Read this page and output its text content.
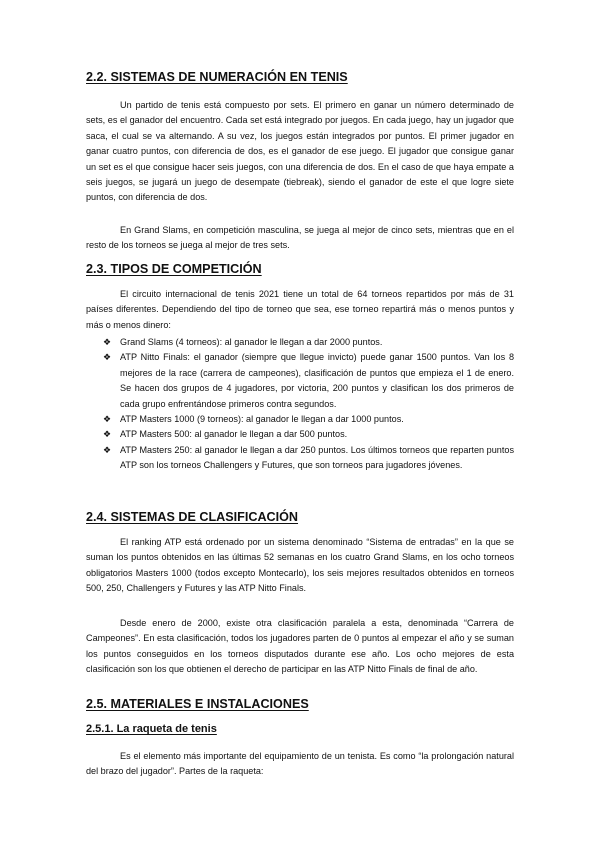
2.2. SISTEMAS DE NUMERACIÓN EN TENIS

Un partido de tenis está compuesto por sets. El primero en ganar un número determinado de sets, es el ganador del encuentro. Cada set está integrado por juegos. En cada juego, hay un jugador que saca, el cual se va alternando. A su vez, los juegos están integrados por puntos. El primer jugador en ganar cuatro puntos, con diferencia de dos, es el ganador de ese juego. El jugador que consigue ganar un set es el que consigue hacer seis juegos, con una diferencia de dos. En el caso de que haya empate a seis juegos, se jugará un juego de desempate (tiebreak), siendo el ganador de este el que logre siete puntos, con diferencia de dos.

En Grand Slams, en competición masculina, se juega al mejor de cinco sets, mientras que en el resto de los torneos se juega al mejor de tres sets.

2.3. TIPOS DE COMPETICIÓN

El circuito internacional de tenis 2021 tiene un total de 64 torneos repartidos por más de 31 países diferentes. Dependiendo del tipo de torneo que sea, ese torneo repartirá más o menos puntos y más o menos dinero:

❖ Grand Slams (4 torneos): al ganador le llegan a dar 2000 puntos.
❖ ATP Nitto Finals: el ganador (siempre que llegue invicto) puede ganar 1500 puntos. Van los 8 mejores de la race (carrera de campeones), clasificación de puntos que empieza el 1 de enero. Se hacen dos grupos de 4 jugadores, por victoria, 200 puntos y clasifican los dos primeros de cada grupo enfrentándose primeros contra segundos.
❖ ATP Masters 1000 (9 torneos): al ganador le llegan a dar 1000 puntos.
❖ ATP Masters 500: al ganador le llegan a dar 500 puntos.
❖ ATP Masters 250: al ganador le llegan a dar 250 puntos. Los últimos torneos que reparten puntos ATP son los torneos Challengers y Futures, que son torneos para jugadores jóvenes.
2.4. SISTEMAS DE CLASIFICACIÓN

El ranking ATP está ordenado por un sistema denominado “Sistema de entradas” en la que se suman los puntos obtenidos en las últimas 52 semanas en los cuatro Grand Slams, en los ocho torneos obligatorios Masters 1000 (todos excepto Montecarlo), los seis mejores resultados obtenidos en torneos 500, 250, Challengers y Futures y las ATP Nitto Finals.

Desde enero de 2000, existe otra clasificación paralela a esta, denominada “Carrera de Campeones”. En esta clasificación, todos los jugadores parten de 0 puntos al empezar el año y se suman los puntos conseguidos en los torneos disputados durante ese año. Los ocho mejores de esta clasificación son los que obtienen el derecho de participar en las ATP Nitto Finals de final de año.

2.5. MATERIALES E INSTALACIONES
2.5.1. La raqueta de tenis

Es el elemento más importante del equipamiento de un tenista. Es como “la prolongación natural del brazo del jugador”. Partes de la raqueta:
